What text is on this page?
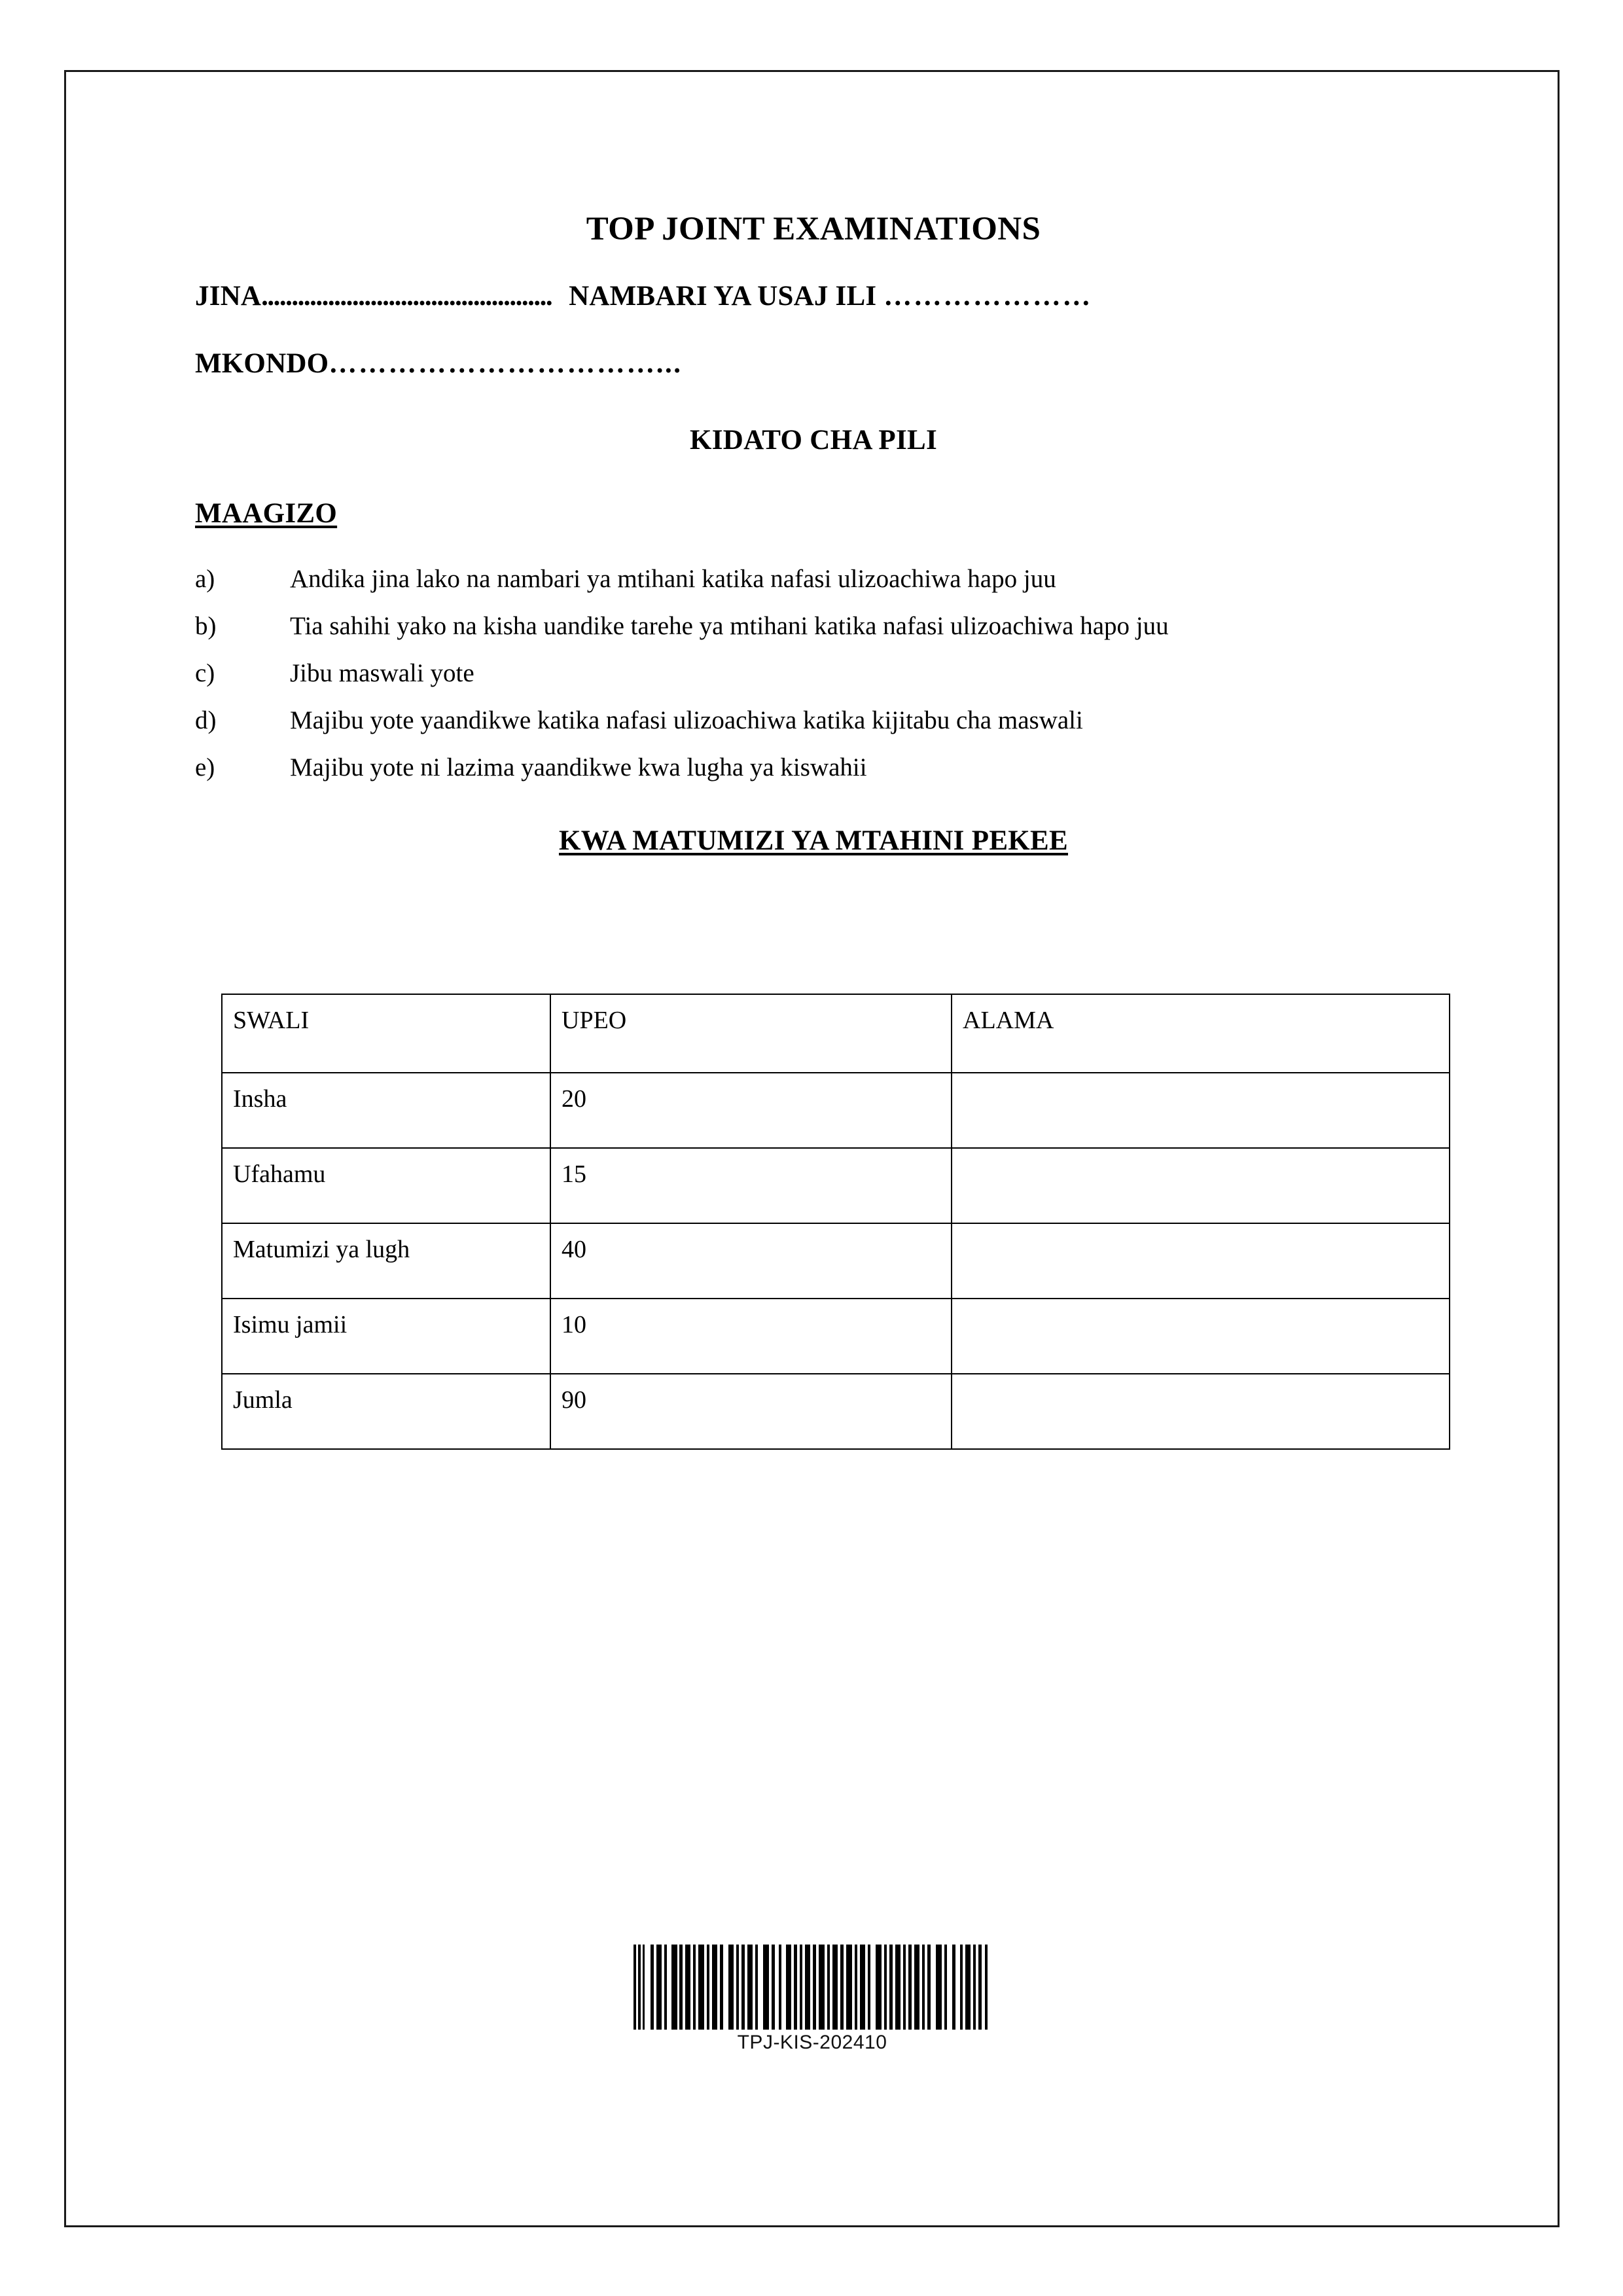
TOP JOINT EXAMINATIONS
JINA................................................ NAMBARI YA USAJ ILI …………………
MKONDO……………………………...
KIDATO CHA PILI
MAAGIZO
a)	Andika jina lako na nambari ya mtihani katika nafasi ulizoachiwa hapo juu
b)	Tia sahihi yako na kisha uandike tarehe ya mtihani katika nafasi ulizoachiwa hapo juu
c)	Jibu maswali yote
d)	Majibu yote yaandikwe katika nafasi ulizoachiwa katika kijitabu cha maswali
e)	Majibu yote ni lazima yaandikwe kwa lugha ya kiswahii
KWA MATUMIZI YA MTAHINI PEKEE
SWALI	UPEO	ALAMA
Insha	20	
Ufahamu	15	
Matumizi ya lugh	40	
Isimu jamii	10	
Jumla	90	
TPJ-KIS-202410
